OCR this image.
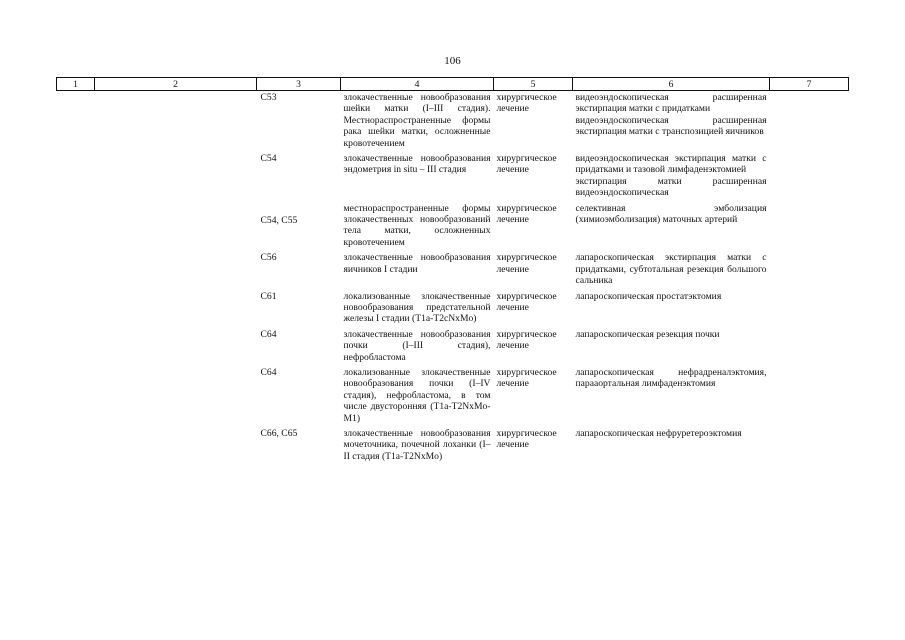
106
1	2	3	4	5	6	7
		C53	злокачественные новообразования шейки матки (I–III стадия). Местнораспространенные формы рака шейки матки, осложненные кровотечением	хирургическое лечение	видеоэндоскопическая расширенная экстирпация матки с придатками
видеоэндоскопическая расширенная экстирпация матки с транспозицией яичников	

		C54	злокачественные новообразования эндометрия in situ – III стадия	хирургическое лечение	видеоэндоскопическая экстирпация матки с придатками и тазовой лимфаденэктомией
экстирпация матки расширенная видеоэндоскопическая	

		C54, C55	местнораспространенные формы злокачественных новообразований тела матки, осложненных кровотечением	хирургическое лечение	селективная эмболизация (химиоэмболизация) маточных артерий	

		C56	злокачественные новообразования яичников I стадии	хирургическое лечение	лапароскопическая экстирпация матки с придатками, субтотальная резекция большого сальника	

		C61	локализованные злокачественные новообразования предстательной железы I стадии (T1a-T2cNxMo)	хирургическое лечение	лапароскопическая простатэктомия	

		C64	злокачественные новообразования почки (I–III стадия), нефробластома	хирургическое лечение	лапароскопическая резекция почки	

		C64	локализованные злокачественные новообразования почки (I–IV стадия), нефробластома, в том числе двусторонняя (T1a-T2NxMo-M1)	хирургическое лечение	лапароскопическая нефрадреналэктомия, парааортальная лимфаденэктомия	

		C66, C65	злокачественные новообразования мочеточника, почечной лоханки (I–II стадия (T1a-T2NxMo)	хирургическое лечение	лапароскопическая нефруретероэктомия	
